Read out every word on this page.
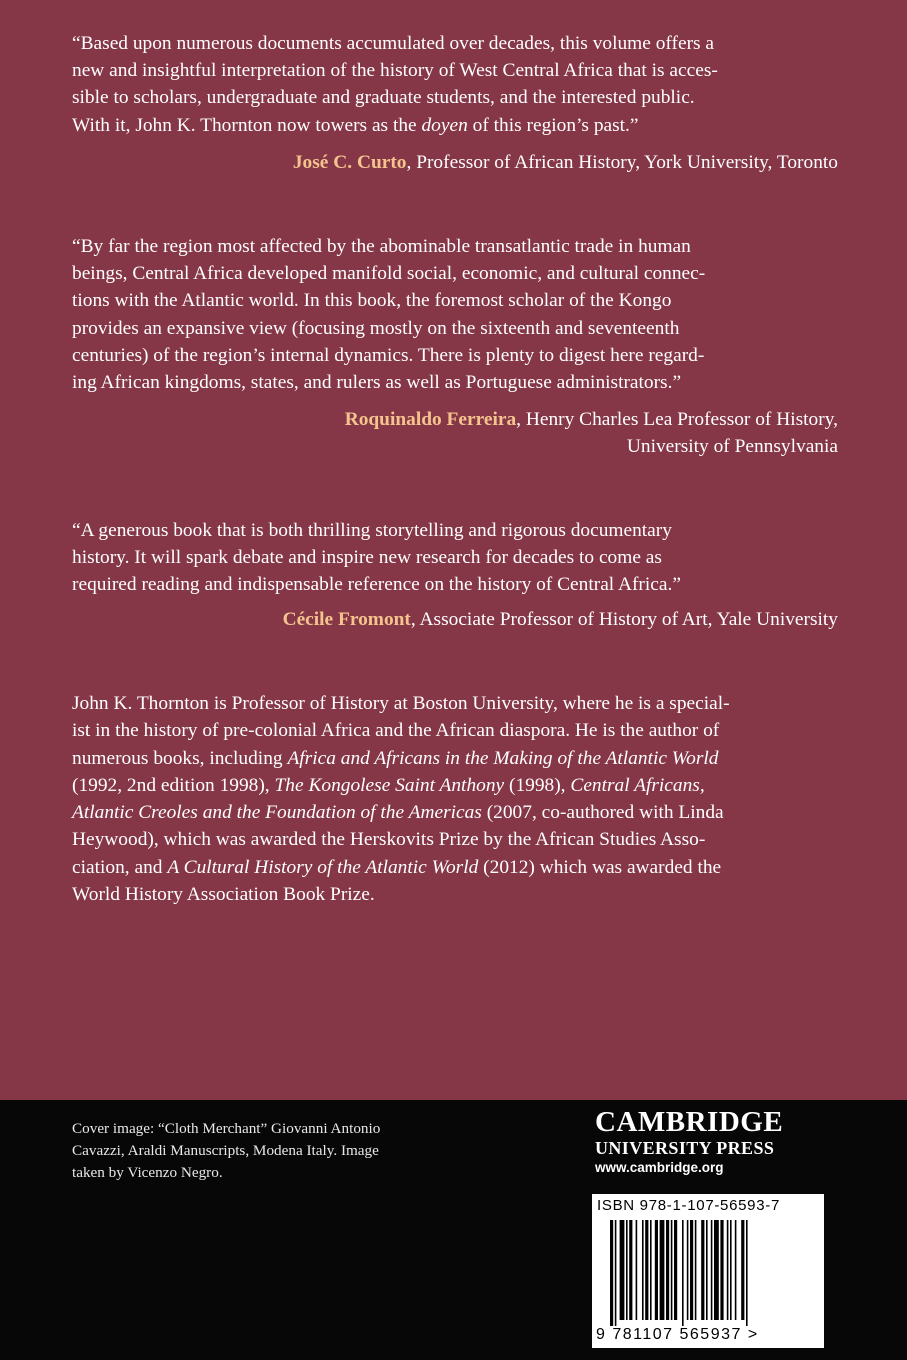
“Based upon numerous documents accumulated over decades, this volume offers a
new and insightful interpretation of the history of West Central Africa that is acces-
sible to scholars, undergraduate and graduate students, and the interested public.
With it, John K. Thornton now towers as the doyen of this region’s past.”
José C. Curto, Professor of African History, York University, Toronto
“By far the region most affected by the abominable transatlantic trade in human
beings, Central Africa developed manifold social, economic, and cultural connec-
tions with the Atlantic world. In this book, the foremost scholar of the Kongo
provides an expansive view (focusing mostly on the sixteenth and seventeenth
centuries) of the region’s internal dynamics. There is plenty to digest here regard-
ing African kingdoms, states, and rulers as well as Portuguese administrators.”
Roquinaldo Ferreira, Henry Charles Lea Professor of History,
University of Pennsylvania
“A generous book that is both thrilling storytelling and rigorous documentary
history. It will spark debate and inspire new research for decades to come as
required reading and indispensable reference on the history of Central Africa.”
Cécile Fromont, Associate Professor of History of Art, Yale University
John K. Thornton is Professor of History at Boston University, where he is a special-
ist in the history of pre-colonial Africa and the African diaspora. He is the author of
numerous books, including Africa and Africans in the Making of the Atlantic World
(1992, 2nd edition 1998), The Kongolese Saint Anthony (1998), Central Africans,
Atlantic Creoles and the Foundation of the Americas (2007, co-authored with Linda
Heywood), which was awarded the Herskovits Prize by the African Studies Asso-
ciation, and A Cultural History of the Atlantic World (2012) which was awarded the
World History Association Book Prize.
Cover image: “Cloth Merchant” Giovanni Antonio
Cavazzi, Araldi Manuscripts, Modena Italy. Image
taken by Vicenzo Negro.
CAMBRIDGE
UNIVERSITY PRESS
www.cambridge.org
ISBN 978-1-107-56593-7
9 781107 565937 >
